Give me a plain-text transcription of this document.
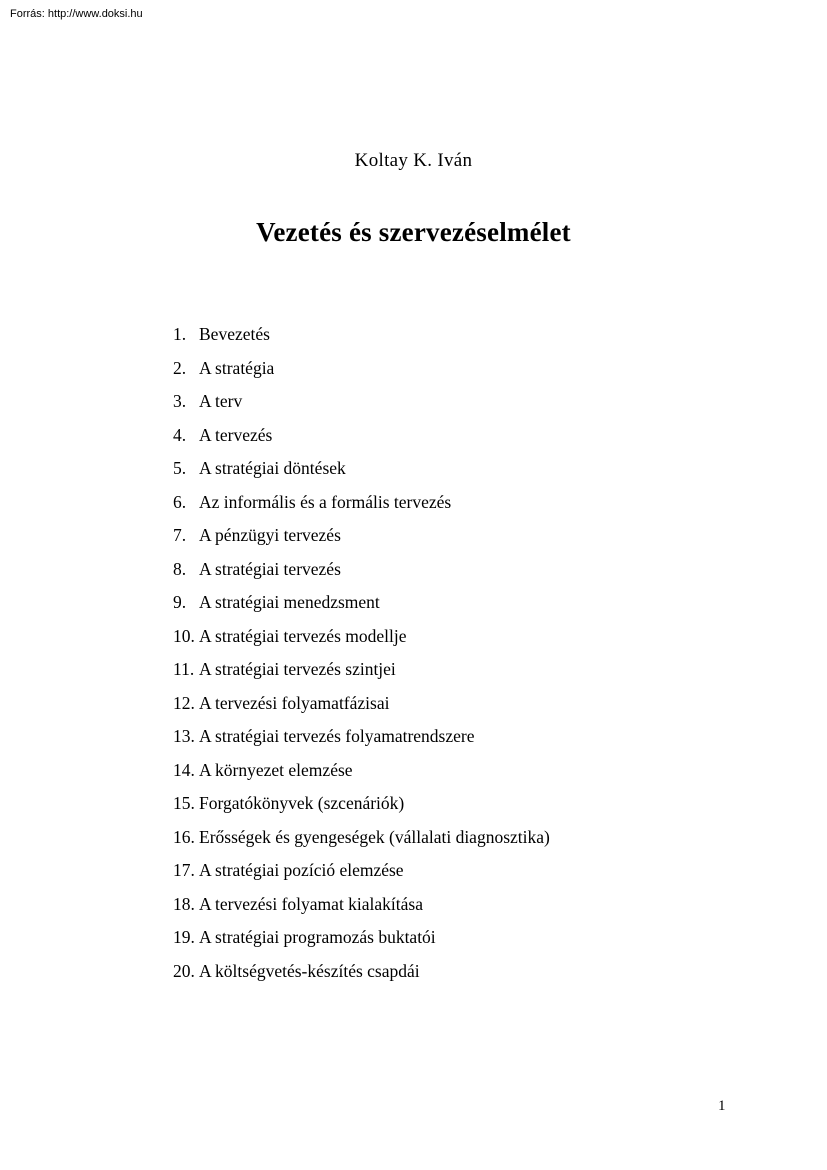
Forrás: http://www.doksi.hu
Koltay K. Iván
Vezetés és szervezéselmélet
1. Bevezetés
2. A stratégia
3. A terv
4. A tervezés
5. A stratégiai döntések
6. Az informális és a formális tervezés
7. A pénzügyi tervezés
8. A stratégiai tervezés
9. A stratégiai menedzsment
10. A stratégiai tervezés modellje
11. A stratégiai tervezés szintjei
12. A tervezési folyamatfázisai
13. A stratégiai tervezés folyamatrendszere
14. A környezet elemzése
15. Forgatókönyvek (szcenáriók)
16. Erősségek és gyengeségek (vállalati diagnosztika)
17. A stratégiai pozíció elemzése
18. A tervezési folyamat kialakítása
19. A stratégiai programozás buktatói
20. A költségvetés-készítés csapdái
1
